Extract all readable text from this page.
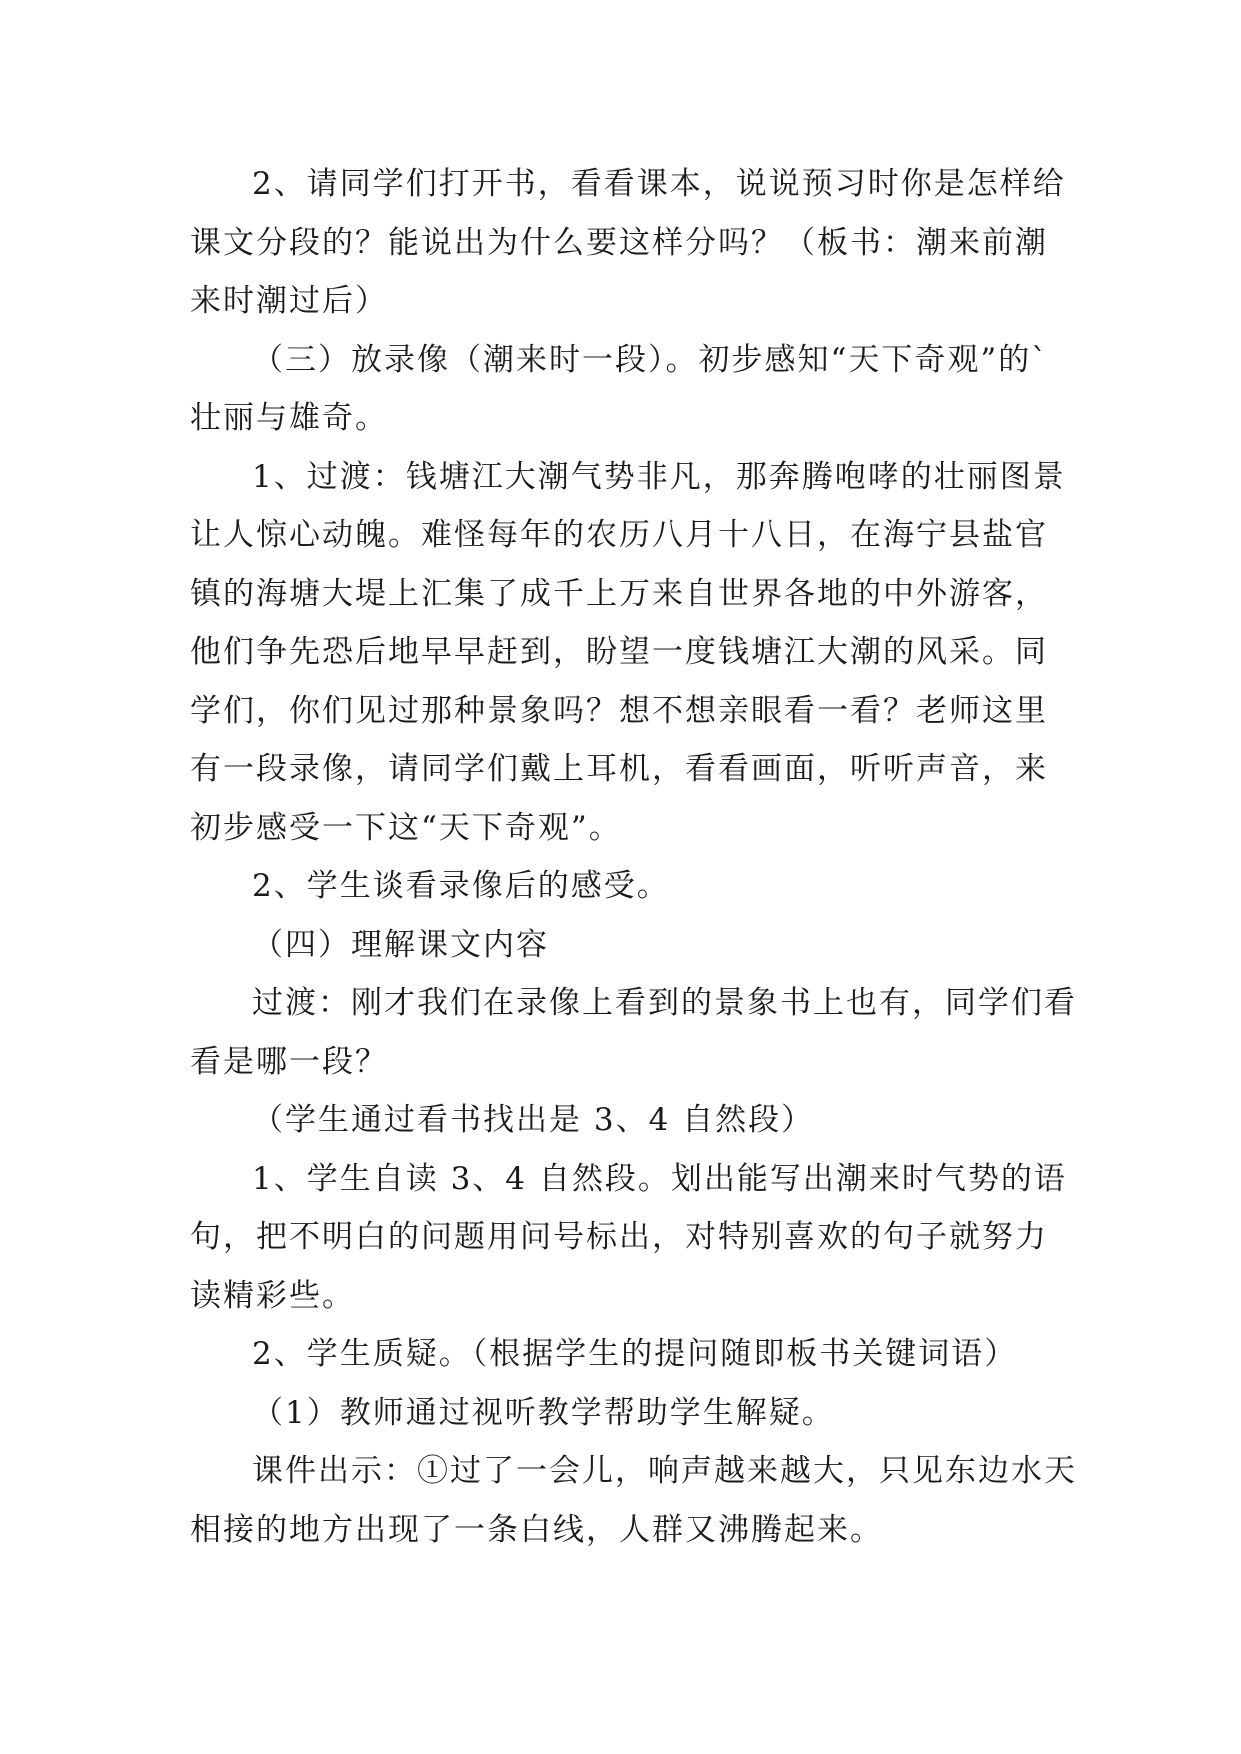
2、请同学们打开书，看看课本，说说预习时你是怎样给课文分段的？能说出为什么要这样分吗？（板书：潮来前潮来时潮过后）

（三）放录像（潮来时一段）。初步感知“天下奇观”的`壮丽与雄奇。

1、过渡：钱塘江大潮气势非凡，那奔腾咆哮的壮丽图景让人惊心动魄。难怪每年的农历八月十八日，在海宁县盐官镇的海塘大堤上汇集了成千上万来自世界各地的中外游客，他们争先恐后地早早赶到，盼望一度钱塘江大潮的风采。同学们，你们见过那种景象吗？想不想亲眼看一看？老师这里有一段录像，请同学们戴上耳机，看看画面，听听声音，来初步感受一下这“天下奇观”。

2、学生谈看录像后的感受。

（四）理解课文内容

过渡：刚才我们在录像上看到的景象书上也有，同学们看看是哪一段？

（学生通过看书找出是 3、4 自然段）

1、学生自读 3、4 自然段。划出能写出潮来时气势的语句，把不明白的问题用问号标出，对特别喜欢的句子就努力读精彩些。

2、学生质疑。（根据学生的提问随即板书关键词语）

（1）教师通过视听教学帮助学生解疑。

课件出示：①过了一会儿，响声越来越大，只见东边水天相接的地方出现了一条白线，人群又沸腾起来。
